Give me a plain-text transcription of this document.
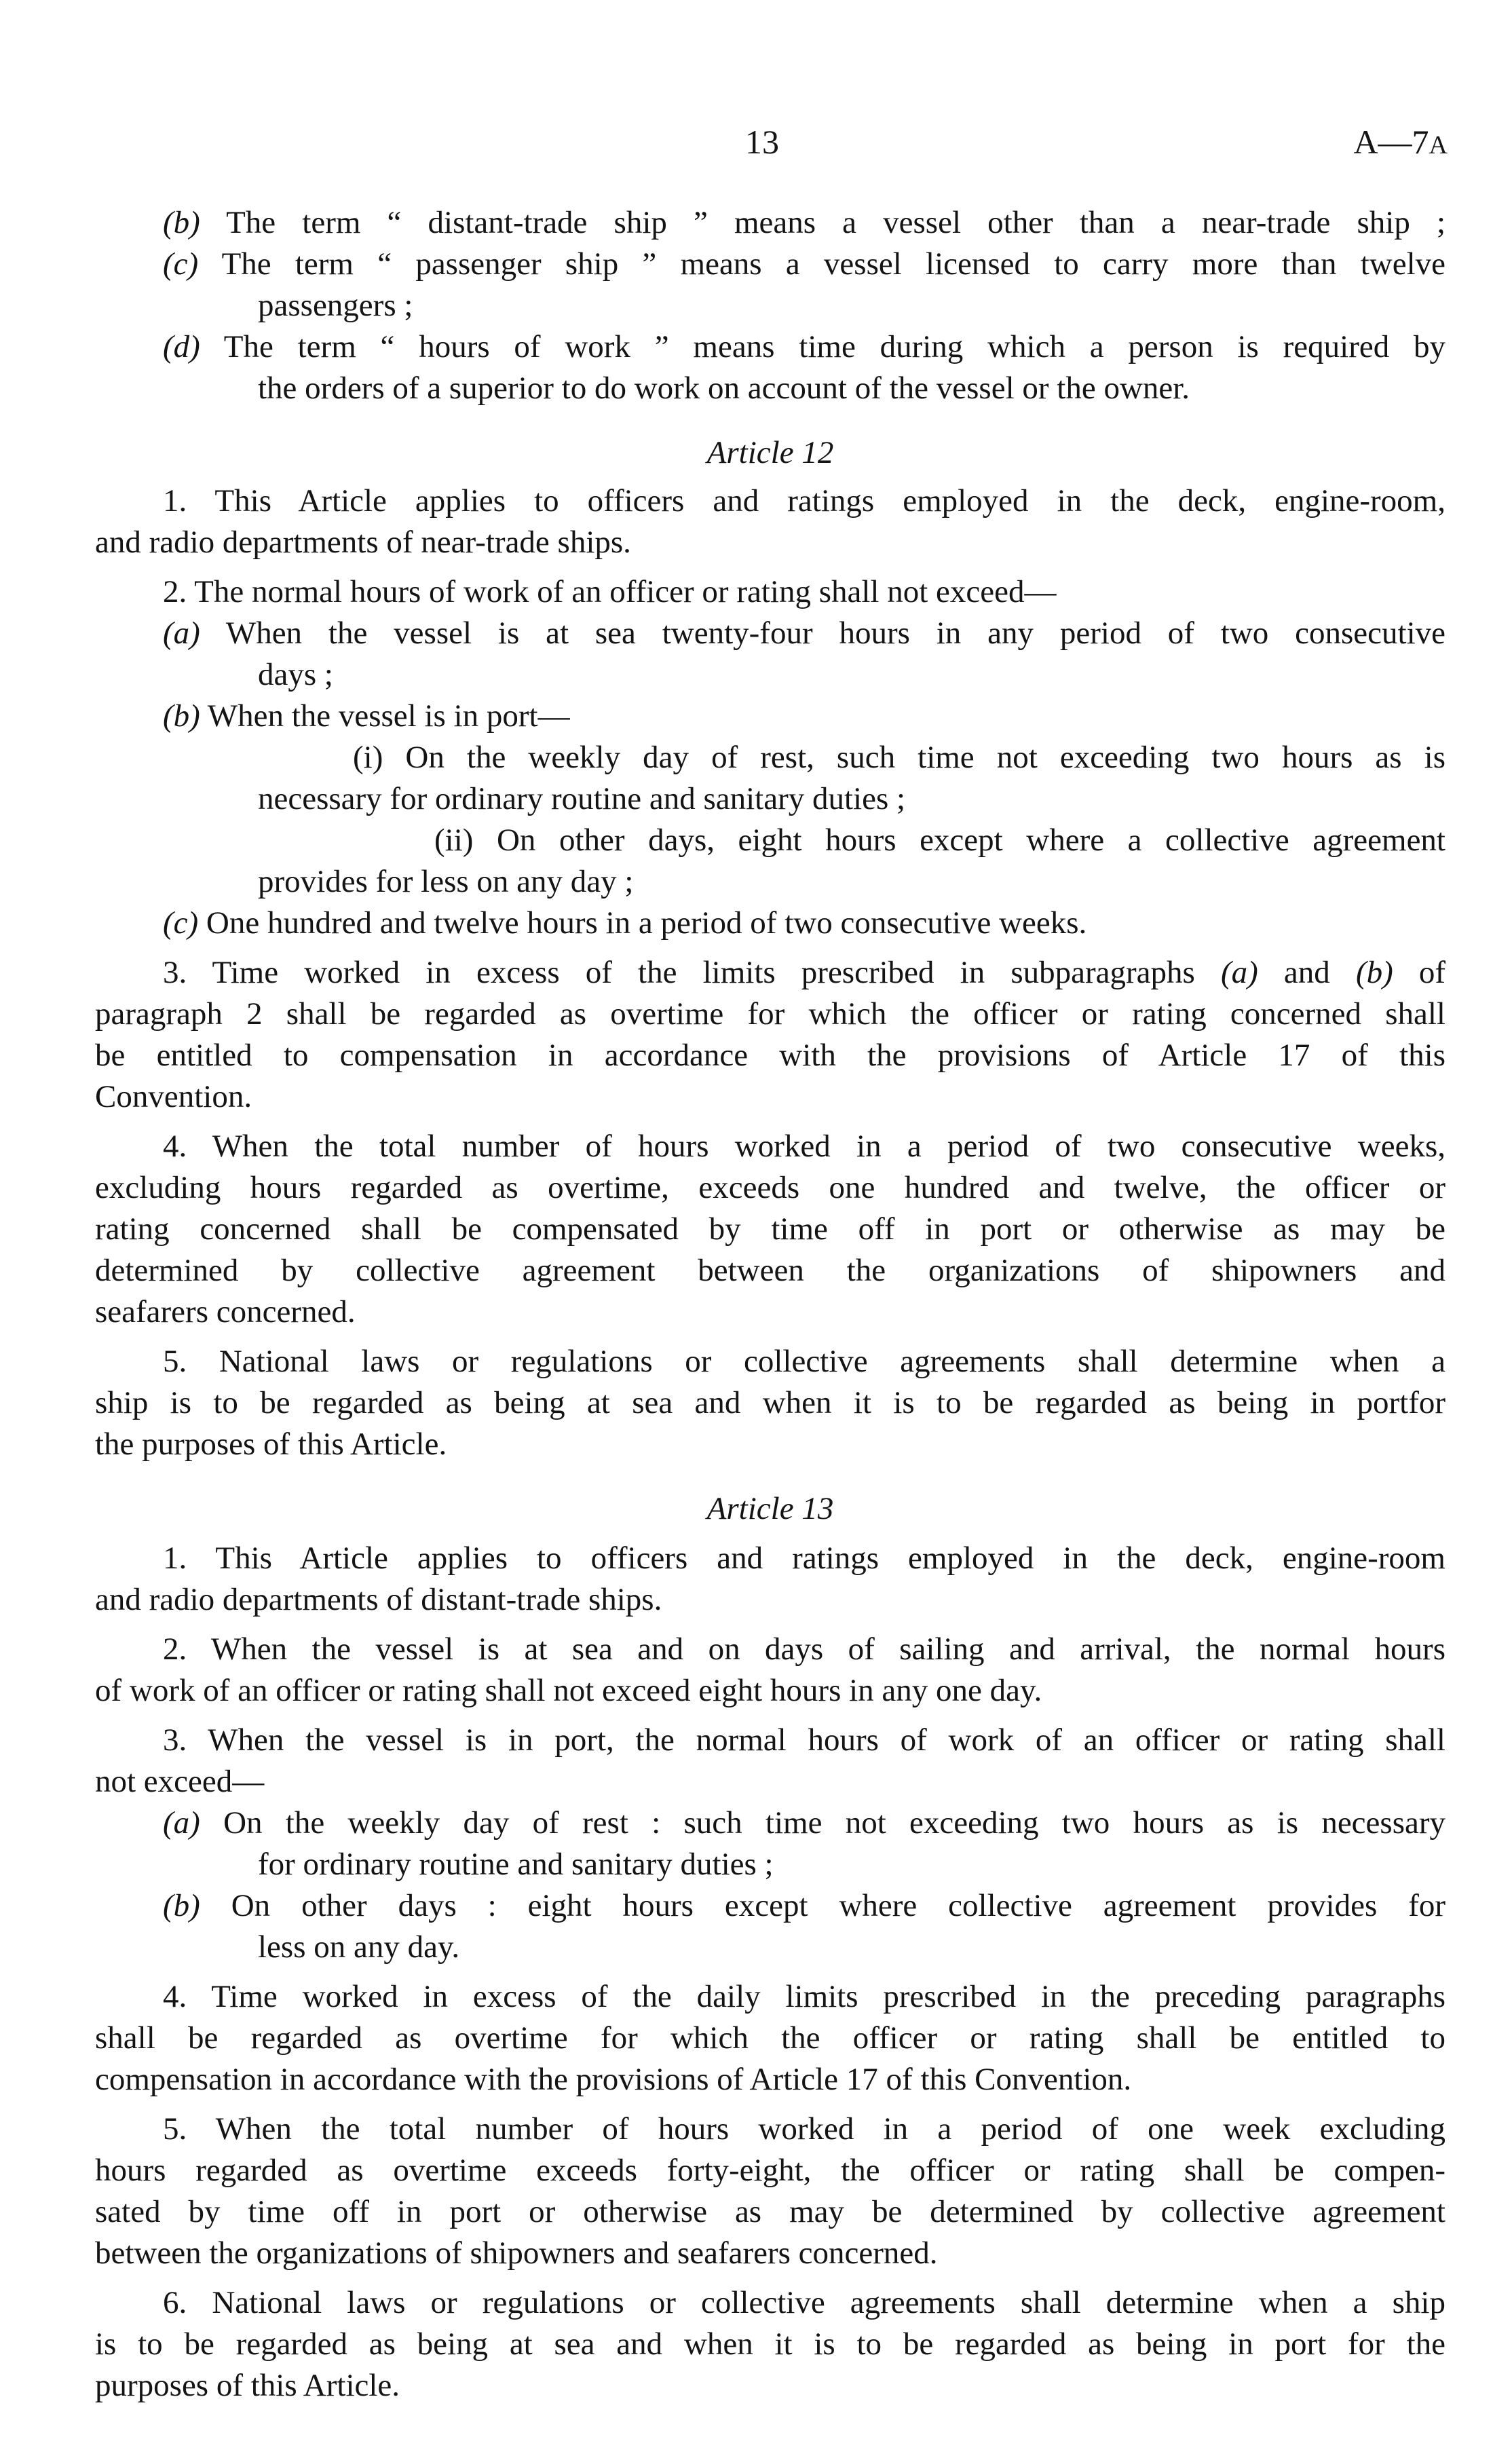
13	A—7A

(b) The term “ distant-trade ship ” means a vessel other than a near-trade ship ;

(c) The term “ passenger ship ” means a vessel licensed to carry more than twelve

passengers ;

(d) The term “ hours of work ” means time during which a person is required by

the orders of a superior to do work on account of the vessel or the owner.

Article 12

1. This Article applies to officers and ratings employed in the deck, engine-room,

and radio departments of near-trade ships.

2. The normal hours of work of an officer or rating shall not exceed—

(a) When the vessel is at sea twenty-four hours in any period of two consecutive

days ;

(b) When the vessel is in port—

(i) On the weekly day of rest, such time not exceeding two hours as is

necessary for ordinary routine and sanitary duties ;

(ii) On other days, eight hours except where a collective agreement

provides for less on any day ;

(c) One hundred and twelve hours in a period of two consecutive weeks.

3. Time worked in excess of the limits prescribed in subparagraphs (a) and (b) of

paragraph 2 shall be regarded as overtime for which the officer or rating concerned shall

be entitled to compensation in accordance with the provisions of Article 17 of this

Convention.

4. When the total number of hours worked in a period of two consecutive weeks,

excluding hours regarded as overtime, exceeds one hundred and twelve, the officer or

rating concerned shall be compensated by time off in port or otherwise as may be

determined by collective agreement between the organizations of shipowners and

seafarers concerned.

5. National laws or regulations or collective agreements shall determine when a

ship is to be regarded as being at sea and when it is to be regarded as being in portfor

the purposes of this Article.

Article 13

1. This Article applies to officers and ratings employed in the deck, engine-room

and radio departments of distant-trade ships.

2. When the vessel is at sea and on days of sailing and arrival, the normal hours

of work of an officer or rating shall not exceed eight hours in any one day.

3. When the vessel is in port, the normal hours of work of an officer or rating shall

not exceed—

(a) On the weekly day of rest : such time not exceeding two hours as is necessary

for ordinary routine and sanitary duties ;

(b) On other days : eight hours except where collective agreement provides for

less on any day.

4. Time worked in excess of the daily limits prescribed in the preceding paragraphs

shall be regarded as overtime for which the officer or rating shall be entitled to

compensation in accordance with the provisions of Article 17 of this Convention.

5. When the total number of hours worked in a period of one week excluding

hours regarded as overtime exceeds forty-eight, the officer or rating shall be compen-

sated by time off in port or otherwise as may be determined by collective agreement

between the organizations of shipowners and seafarers concerned.

6. National laws or regulations or collective agreements shall determine when a ship

is to be regarded as being at sea and when it is to be regarded as being in port for the

purposes of this Article.
